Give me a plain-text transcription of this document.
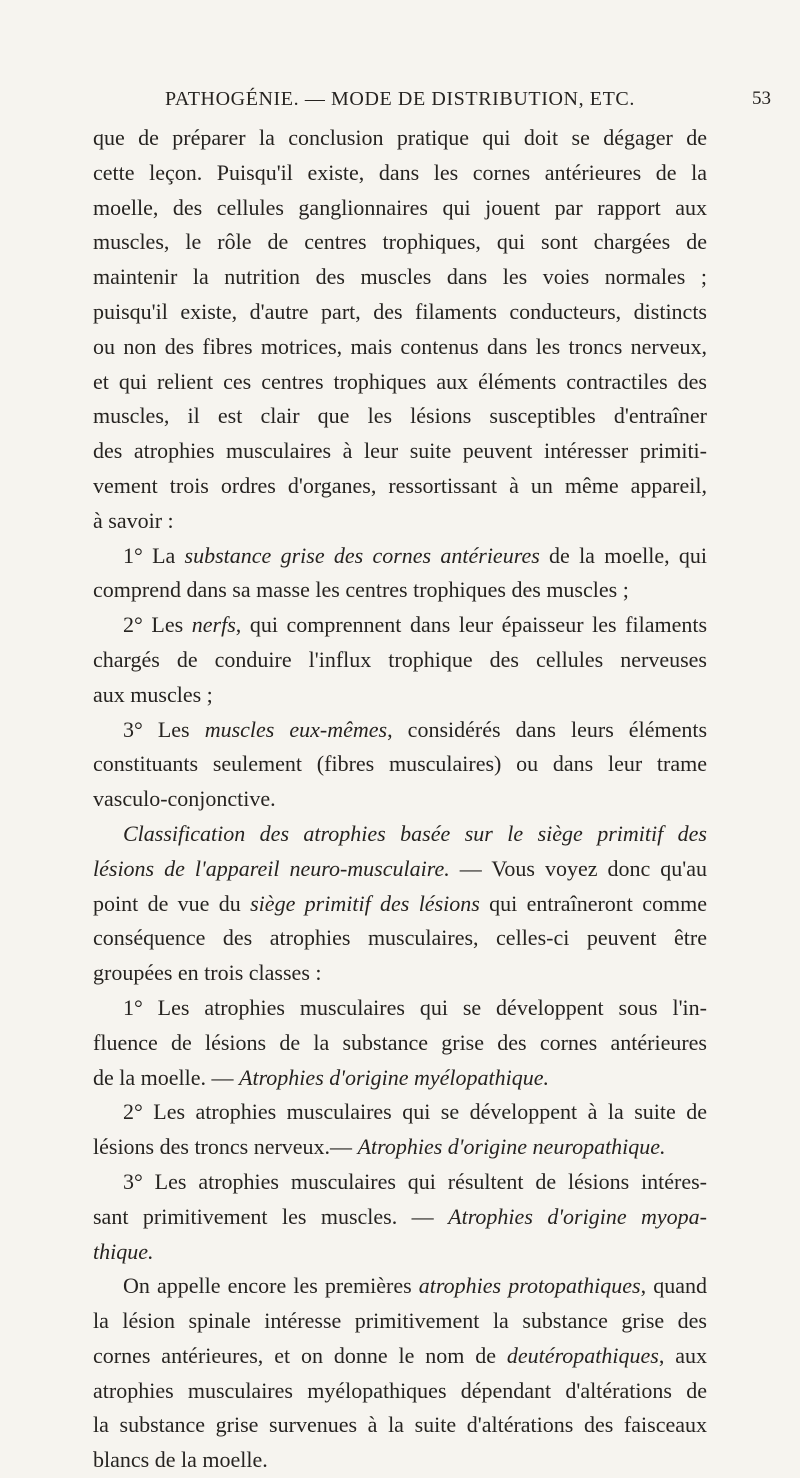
PATHOGÉNIE. — MODE DE DISTRIBUTION, ETC.	53
que de préparer la conclusion pratique qui doit se dégager de
cette leçon. Puisqu'il existe, dans les cornes antérieures de la
moelle, des cellules ganglionnaires qui jouent par rapport aux
muscles, le rôle de centres trophiques, qui sont chargées de
maintenir la nutrition des muscles dans les voies normales ;
puisqu'il existe, d'autre part, des filaments conducteurs, distincts
ou non des fibres motrices, mais contenus dans les troncs nerveux,
et qui relient ces centres trophiques aux éléments contractiles des
muscles, il est clair que les lésions susceptibles d'entraîner
des atrophies musculaires à leur suite peuvent intéresser primiti-
vement trois ordres d'organes, ressortissant à un même appareil,
à savoir :
1° La substance grise des cornes antérieures de la moelle, qui
comprend dans sa masse les centres trophiques des muscles ;
2° Les nerfs, qui comprennent dans leur épaisseur les filaments
chargés de conduire l'influx trophique des cellules nerveuses
aux muscles ;
3° Les muscles eux-mêmes, considérés dans leurs éléments
constituants seulement (fibres musculaires) ou dans leur trame
vasculo-conjonctive.
Classification des atrophies basée sur le siège primitif des
lésions de l'appareil neuro-musculaire. — Vous voyez donc qu'au
point de vue du siège primitif des lésions qui entraîneront comme
conséquence des atrophies musculaires, celles-ci peuvent être
groupées en trois classes :
1° Les atrophies musculaires qui se développent sous l'in-
fluence de lésions de la substance grise des cornes antérieures
de la moelle. — Atrophies d'origine myélopathique.
2° Les atrophies musculaires qui se développent à la suite de
lésions des troncs nerveux.— Atrophies d'origine neuropathique.
3° Les atrophies musculaires qui résultent de lésions intéres-
sant primitivement les muscles. — Atrophies d'origine myopa-
thique.
On appelle encore les premières atrophies protopathiques, quand
la lésion spinale intéresse primitivement la substance grise des
cornes antérieures, et on donne le nom de deutéropathiques, aux
atrophies musculaires myélopathiques dépendant d'altérations de
la substance grise survenues à la suite d'altérations des faisceaux
blancs de la moelle.
